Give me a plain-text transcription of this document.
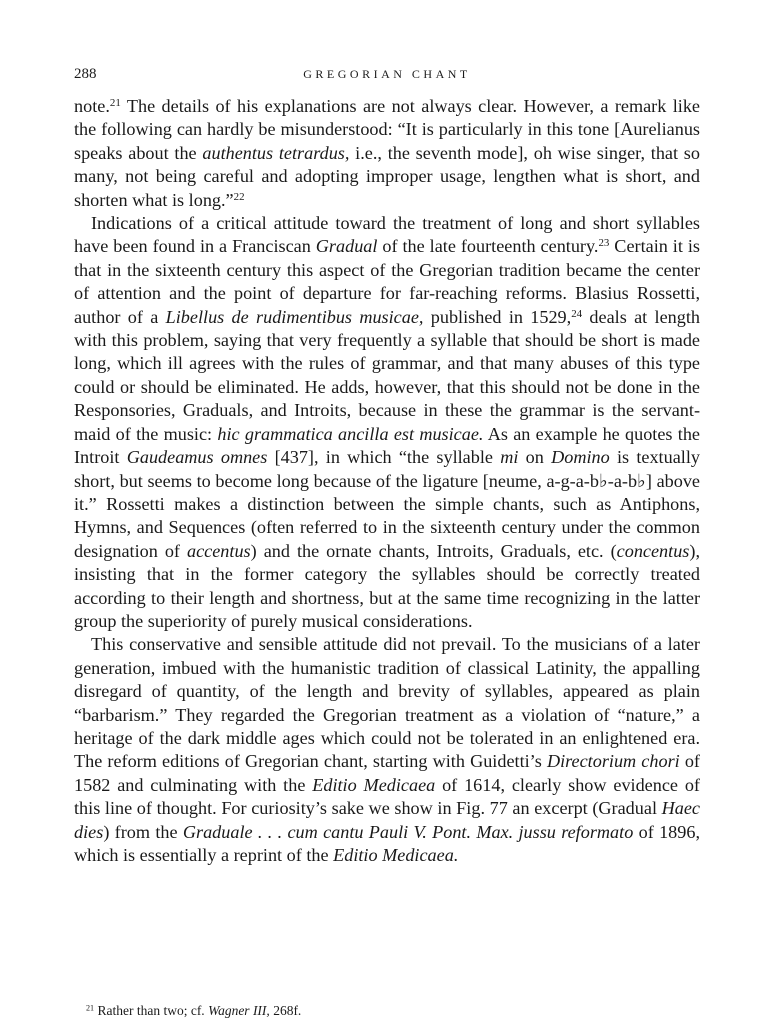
288	GREGORIAN CHANT

note.$^{21}$ The details of his explanations are not always clear. However, a remark like the following can hardly be misunderstood: “It is particularly in this tone [Aurelianus speaks about the authentus tetrardus, i.e., the seventh mode], oh wise singer, that so many, not being careful and adopting improper usage, lengthen what is short, and shorten what is long.”$^{22}$

Indications of a critical attitude toward the treatment of long and short syllables have been found in a Franciscan Gradual of the late fourteenth century.$^{23}$ Certain it is that in the sixteenth century this aspect of the Gregorian tradition became the center of attention and the point of departure for far-reaching reforms. Blasius Rossetti, author of a Libellus de rudimentibus musicae, published in 1529,24 deals at length with this problem, saying that very frequently a syllable that should be short is made long, which ill agrees with the rules of grammar, and that many abuses of this type could or should be eliminated. He adds, however, that this should not be done in the Responsories, Graduals, and Introits, because in these the grammar is the servant-maid of the music: hic grammatica ancilla est musicae. As an example he quotes the Introit Gaudeamus omnes [437], in which “the syllable mi on Domino is textually short, but seems to become long because of the ligature [neume, a-g-a-b♭-a-b♭] above it.” Rossetti makes a distinction between the simple chants, such as Antiphons, Hymns, and Sequences (often referred to in the sixteenth century under the common designation of accentus) and the ornate chants, Introits, Graduals, etc. (concentus), insisting that in the former category the syllables should be correctly treated according to their length and shortness, but at the same time recognizing in the latter group the superiority of purely musical considerations.

This conservative and sensible attitude did not prevail. To the musicians of a later generation, imbued with the humanistic tradition of classical Latinity, the appalling disregard of quantity, of the length and brevity of syllables, appeared as plain “barbarism.” They regarded the Gregorian treatment as a violation of “nature,” a heritage of the dark middle ages which could not be tolerated in an enlightened era. The reform editions of Gregorian chant, starting with Guidetti’s Directorium chori of 1582 and culminating with the Editio Medicaea of 1614, clearly show evidence of this line of thought. For curiosity’s sake we show in Fig. 77 an excerpt (Gradual Haec dies) from the Graduale . . . cum cantu Pauli V. Pont. Max. jussu reformato of 1896, which is essentially a reprint of the Editio Medicaea.

$^{21}$ Rather than two; cf. Wagner III, 268f.
